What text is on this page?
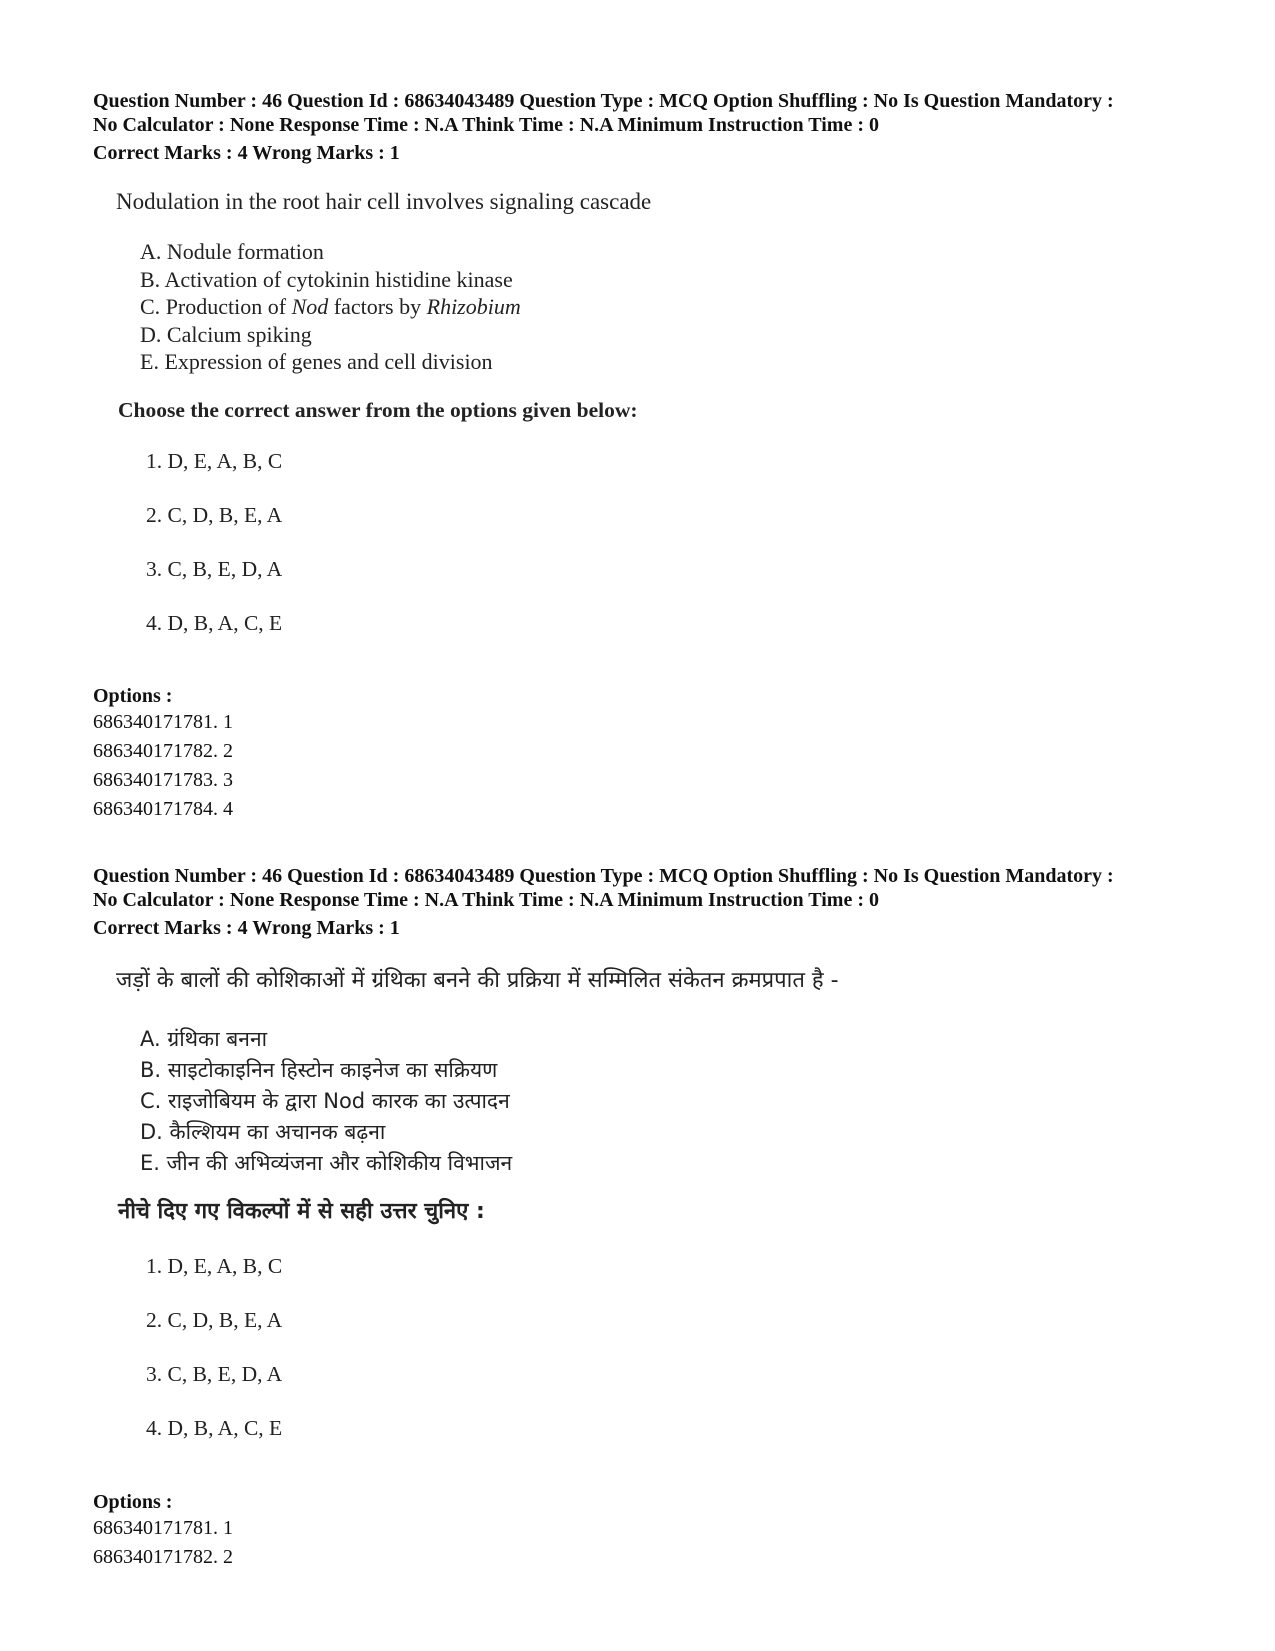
Question Number : 46 Question Id : 68634043489 Question Type : MCQ Option Shuffling : No Is Question Mandatory :

No Calculator : None Response Time : N.A Think Time : N.A Minimum Instruction Time : 0

Correct Marks : 4 Wrong Marks : 1

Nodulation in the root hair cell involves signaling cascade

A. Nodule formation
B. Activation of cytokinin histidine kinase
C. Production of Nod factors by Rhizobium
D. Calcium spiking
E. Expression of genes and cell division
Choose the correct answer from the options given below:
1. D, E, A, B, C
2. C, D, B, E, A
3. C, B, E, D, A
4. D, B, A, C, E
Options :
686340171781. 1
686340171782. 2
686340171783. 3
686340171784. 4

Question Number : 46 Question Id : 68634043489 Question Type : MCQ Option Shuffling : No Is Question Mandatory :

No Calculator : None Response Time : N.A Think Time : N.A Minimum Instruction Time : 0

Correct Marks : 4 Wrong Marks : 1

जड़ों के बालों की कोशिकाओं में ग्रंथिका बनने की प्रक्रिया में सम्मिलित संकेतन क्रमप्रपात है -

A. ग्रंथिका बनना
B. साइटोकाइनिन हिस्टोन काइनेज का सक्रियण
C. राइजोबियम के द्वारा Nod कारक का उत्पादन
D. कैल्शियम का अचानक बढ़ना
E. जीन की अभिव्यंजना और कोशिकीय विभाजन
नीचे दिए गए विकल्पों में से सही उत्तर चुनिए :
1. D, E, A, B, C
2. C, D, B, E, A
3. C, B, E, D, A
4. D, B, A, C, E
Options :
686340171781. 1
686340171782. 2
